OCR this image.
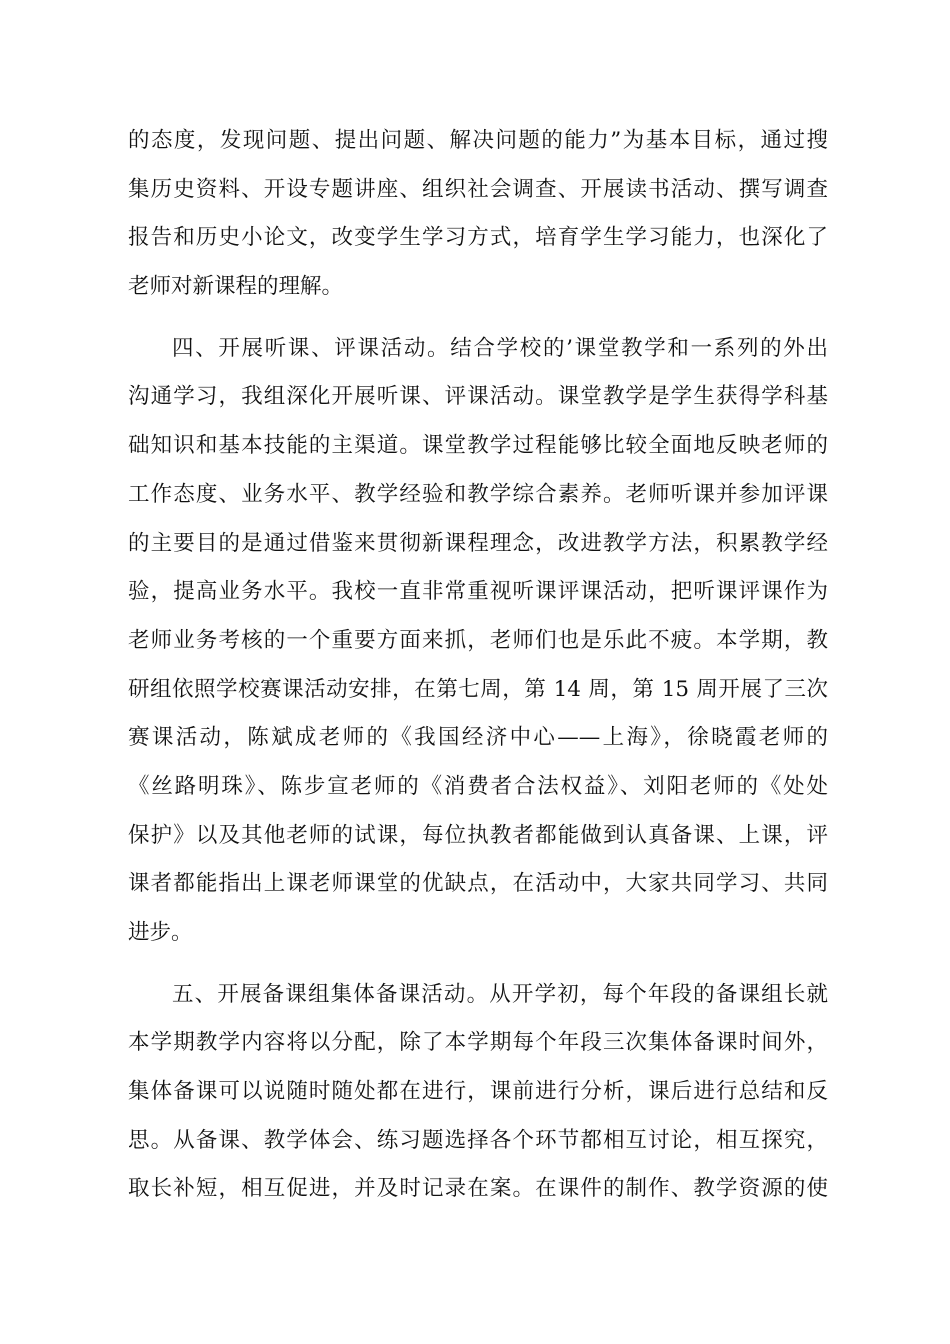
的态度，发现问题、提出问题、解决问题的能力”为基本目标，通过搜
集历史资料、开设专题讲座、组织社会调查、开展读书活动、撰写调查
报告和历史小论文，改变学生学习方式，培育学生学习能力，也深化了
老师对新课程的理解。
四、开展听课、评课活动。结合学校的’课堂教学和一系列的外出
沟通学习，我组深化开展听课、评课活动。课堂教学是学生获得学科基
础知识和基本技能的主渠道。课堂教学过程能够比较全面地反映老师的
工作态度、业务水平、教学经验和教学综合素养。老师听课并参加评课
的主要目的是通过借鉴来贯彻新课程理念，改进教学方法，积累教学经
验，提高业务水平。我校一直非常重视听课评课活动，把听课评课作为
老师业务考核的一个重要方面来抓，老师们也是乐此不疲。本学期，教
研组依照学校赛课活动安排，在第七周，第 14 周，第 15 周开展了三次
赛课活动，陈斌成老师的《我国经济中心——上海》，徐晓霞老师的
《丝路明珠》、陈步宣老师的《消费者合法权益》、刘阳老师的《处处
保护》以及其他老师的试课，每位执教者都能做到认真备课、上课，评
课者都能指出上课老师课堂的优缺点，在活动中，大家共同学习、共同
进步。
五、开展备课组集体备课活动。从开学初，每个年段的备课组长就
本学期教学内容将以分配，除了本学期每个年段三次集体备课时间外，
集体备课可以说随时随处都在进行，课前进行分析，课后进行总结和反
思。从备课、教学体会、练习题选择各个环节都相互讨论，相互探究，
取长补短，相互促进，并及时记录在案。在课件的制作、教学资源的使
